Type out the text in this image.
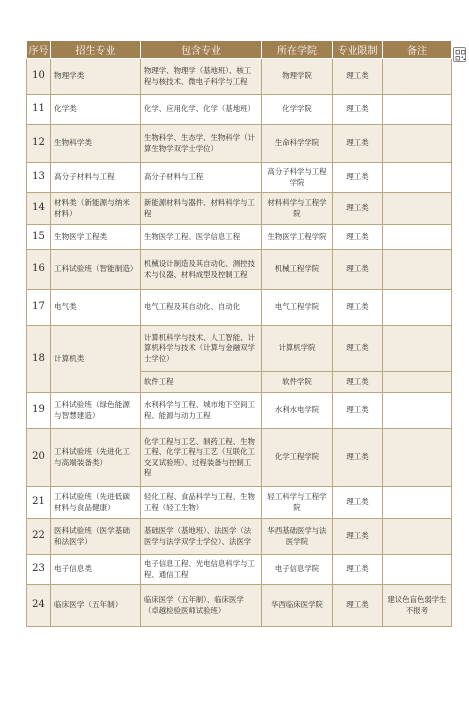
序号	招生专业	包含专业	所在学院	专业限制	备注
10	物理学类	物理学、物理学（基地班）、核工程与核技术、微电子科学与工程	物理学院	理工类	
11	化学类	化学、应用化学、化学（基地班）	化学学院	理工类	
12	生物科学类	生物科学、生态学、生物科学（计算生物学双学士学位）	生命科学学院	理工类	
13	高分子材料与工程	高分子材料与工程	高分子科学与工程学院	理工类	
14	材料类（新能源与纳米材料）	新能源材料与器件、材料科学与工程	材料科学与工程学院	理工类	
15	生物医学工程类	生物医学工程、医学信息工程	生物医学工程学院	理工类	
16	工科试验班（智能制造）	机械设计制造及其自动化、测控技术与仪器、材料成型及控制工程	机械工程学院	理工类	
17	电气类	电气工程及其自动化、自动化	电气工程学院	理工类	
18	计算机类	计算机科学与技术、人工智能、计算机科学与技术（计算与金融双学士学位）	计算机学院	理工类	
		软件工程	软件学院	理工类	
19	工科试验班（绿色能源与智慧建造）	水利科学与工程、城市地下空间工程、能源与动力工程	水利水电学院	理工类	
20	工科试验班（先进化工与高端装备类）	化学工程与工艺、制药工程、生物工程、化学工程与工艺（互联化工交叉试验班）、过程装备与控制工程	化学工程学院	理工类	
21	工科试验班（先进低碳材料与食品健康）	轻化工程、食品科学与工程、生物工程（轻工生物）	轻工科学与工程学院	理工类	
22	医科试验班（医学基础和法医学）	基础医学（基地班）、法医学（法医学与法学双学士学位）、法医学	华西基础医学与法医学院	理工类	
23	电子信息类	电子信息工程、光电信息科学与工程、通信工程	电子信息学院	理工类	
24	临床医学（五年制）	临床医学（五年制）、临床医学（卓越检验医师试验班）	华西临床医学院	理工类	建议色盲色弱学生不报考
